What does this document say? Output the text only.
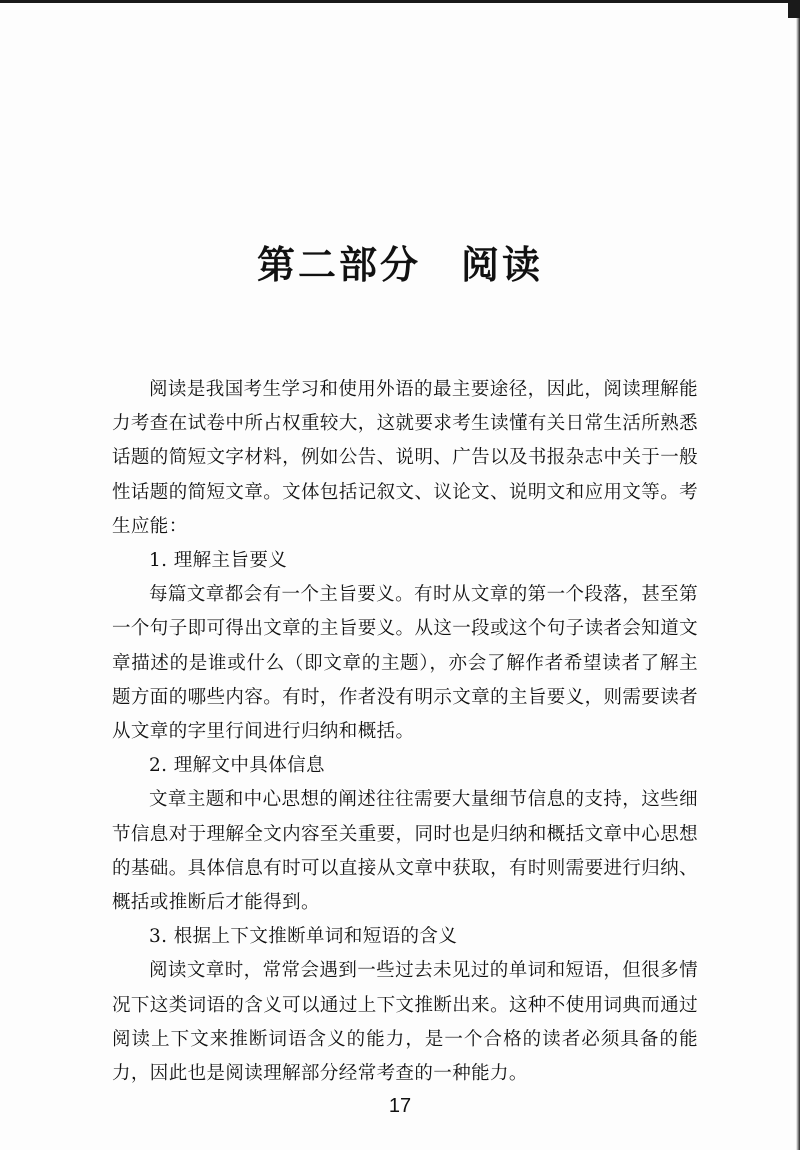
第二部分 阅读

阅读是我国考生学习和使用外语的最主要途径，因此，阅读理解能力考查在试卷中所占权重较大，这就要求考生读懂有关日常生活所熟悉话题的简短文字材料，例如公告、说明、广告以及书报杂志中关于一般性话题的简短文章。文体包括记叙文、议论文、说明文和应用文等。考生应能：

1. 理解主旨要义

每篇文章都会有一个主旨要义。有时从文章的第一个段落，甚至第一个句子即可得出文章的主旨要义。从这一段或这个句子读者会知道文章描述的是谁或什么（即文章的主题），亦会了解作者希望读者了解主题方面的哪些内容。有时，作者没有明示文章的主旨要义，则需要读者从文章的字里行间进行归纳和概括。

2. 理解文中具体信息

文章主题和中心思想的阐述往往需要大量细节信息的支持，这些细节信息对于理解全文内容至关重要，同时也是归纳和概括文章中心思想的基础。具体信息有时可以直接从文章中获取，有时则需要进行归纳、概括或推断后才能得到。

3. 根据上下文推断单词和短语的含义

阅读文章时，常常会遇到一些过去未见过的单词和短语，但很多情况下这类词语的含义可以通过上下文推断出来。这种不使用词典而通过阅读上下文来推断词语含义的能力，是一个合格的读者必须具备的能力，因此也是阅读理解部分经常考查的一种能力。

17
